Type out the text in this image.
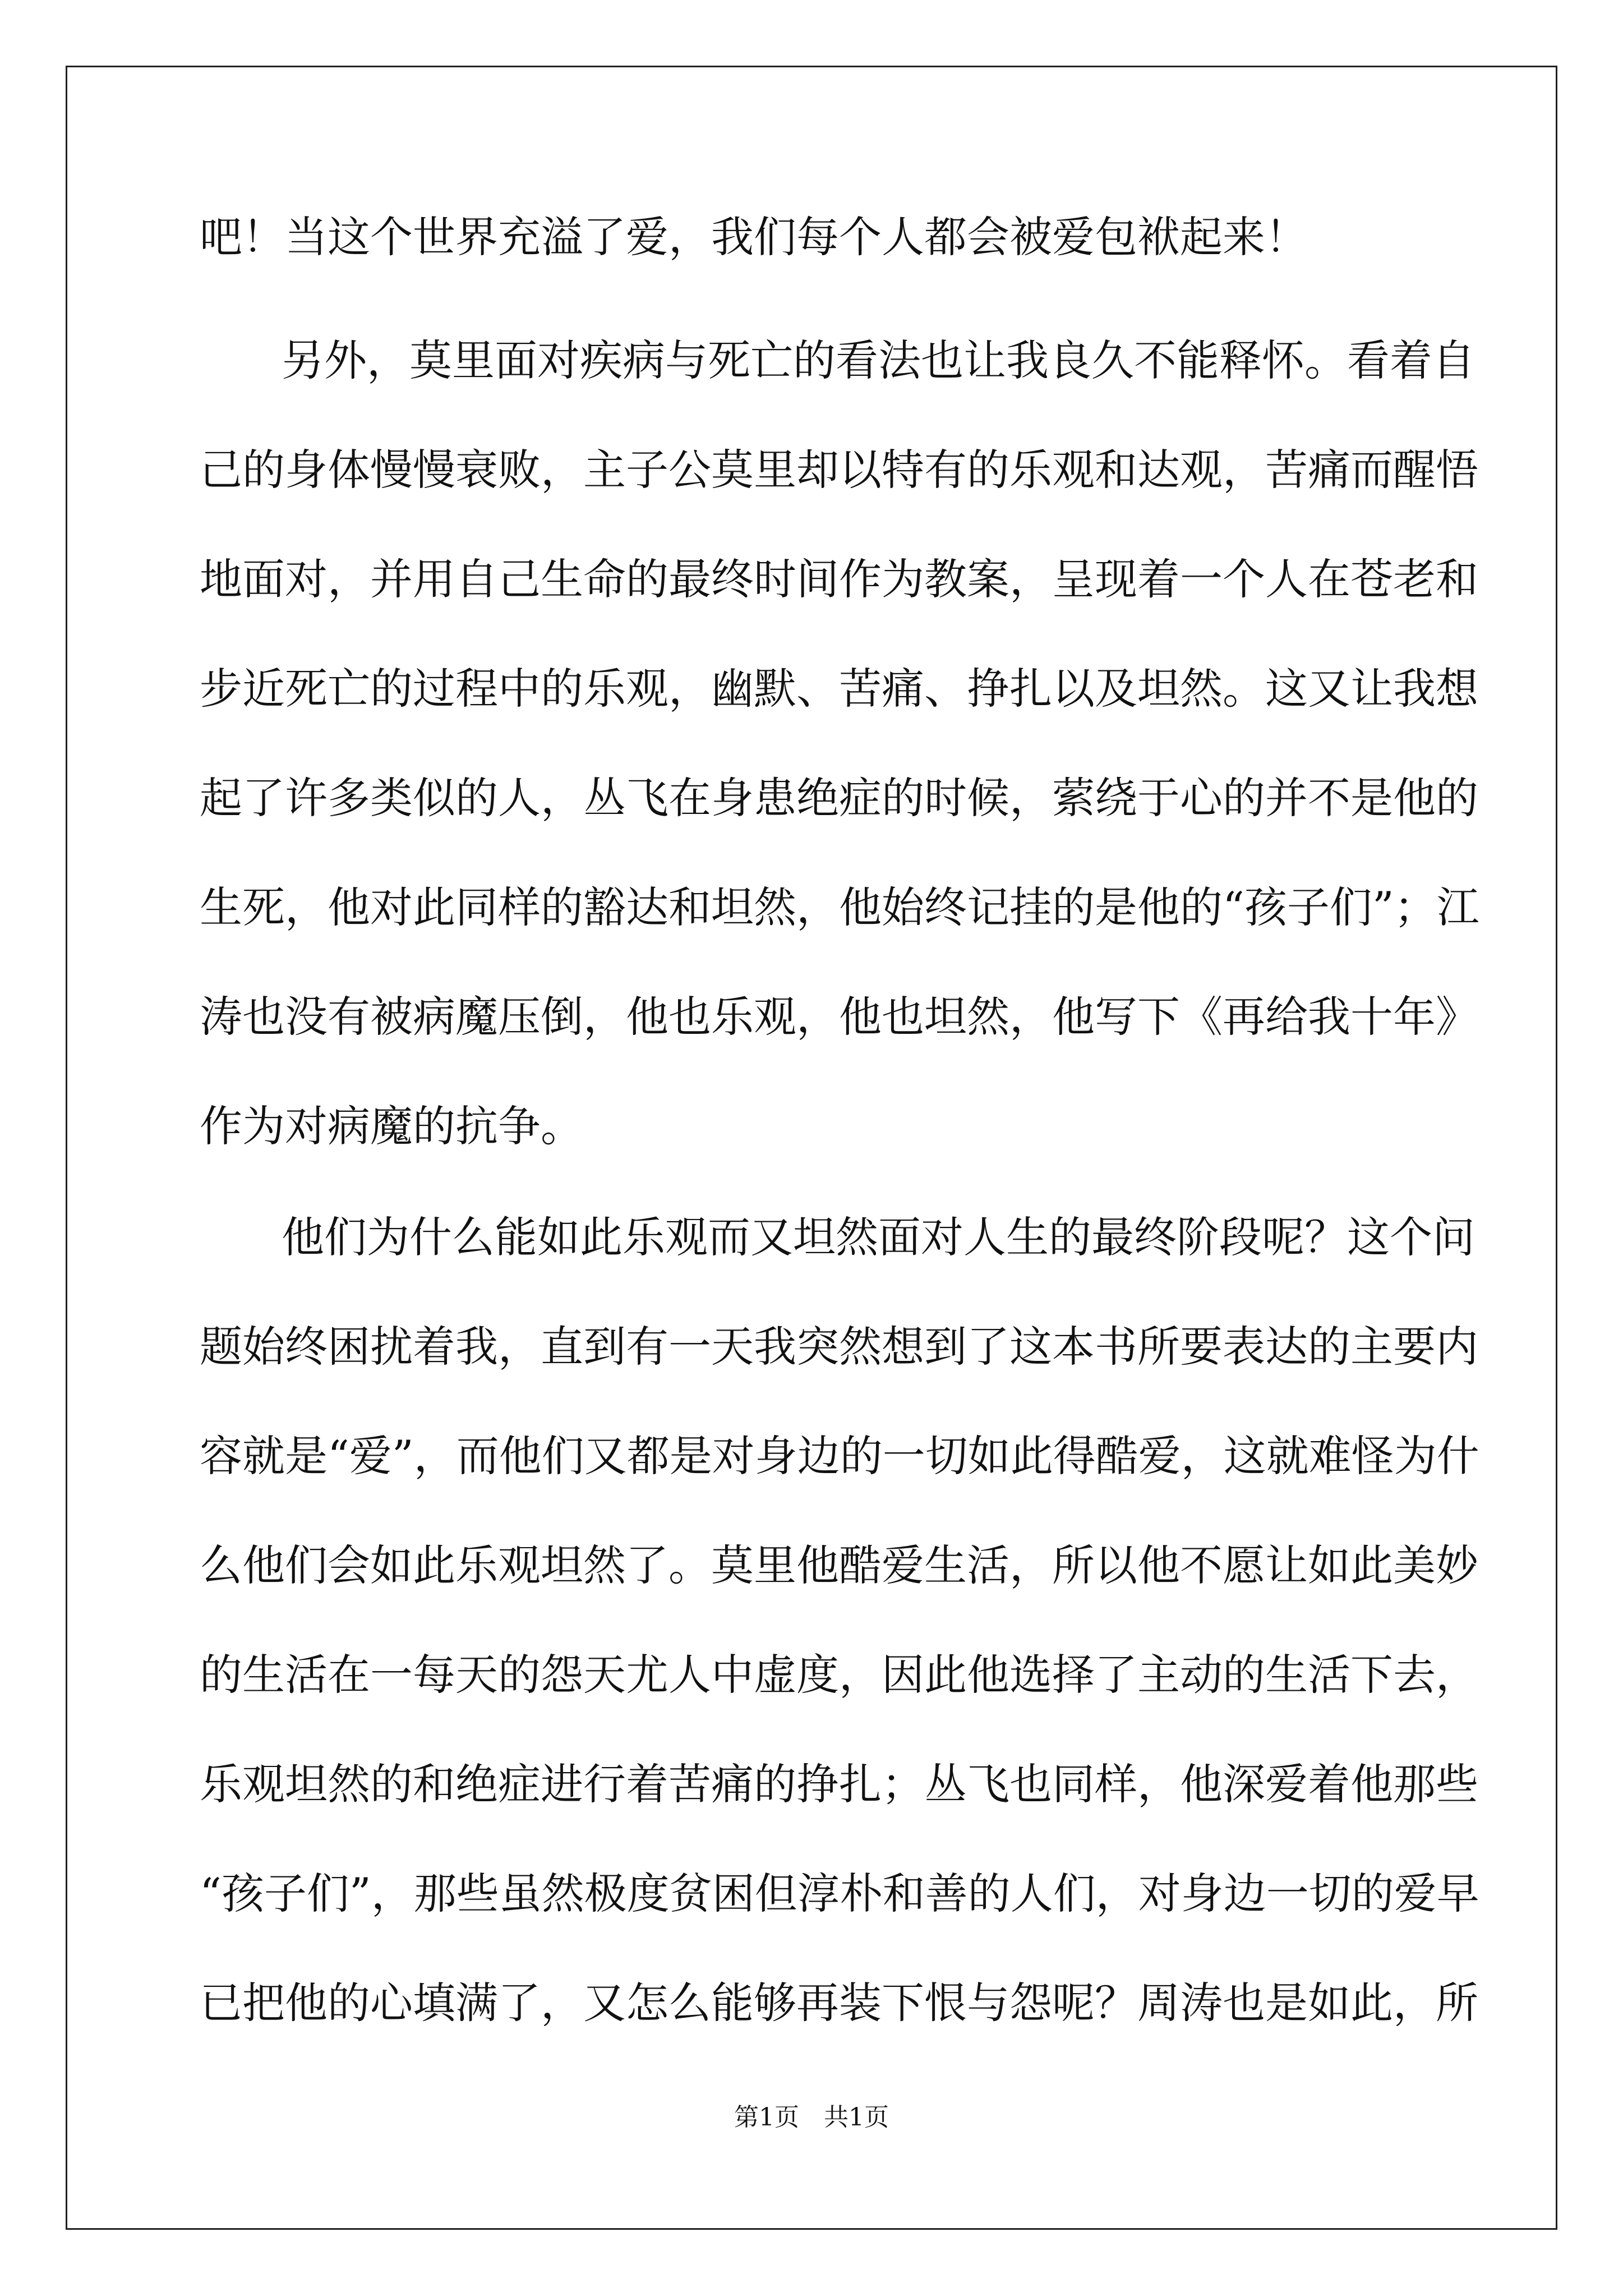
吧！当这个世界充溢了爱，我们每个人都会被爱包袱起来！
另外，莫里面对疾病与死亡的看法也让我良久不能释怀。看着自
己的身体慢慢衰败，主子公莫里却以特有的乐观和达观，苦痛而醒悟
地面对，并用自己生命的最终时间作为教案，呈现着一个人在苍老和
步近死亡的过程中的乐观，幽默、苦痛、挣扎以及坦然。这又让我想
起了许多类似的人，丛飞在身患绝症的时候，萦绕于心的并不是他的
生死，他对此同样的豁达和坦然，他始终记挂的是他的“孩子们”；江
涛也没有被病魔压倒，他也乐观，他也坦然，他写下《再给我十年》
作为对病魔的抗争。
他们为什么能如此乐观而又坦然面对人生的最终阶段呢？这个问
题始终困扰着我，直到有一天我突然想到了这本书所要表达的主要内
容就是“爱”，而他们又都是对身边的一切如此得酷爱，这就难怪为什
么他们会如此乐观坦然了。莫里他酷爱生活，所以他不愿让如此美妙
的生活在一每天的怨天尤人中虚度，因此他选择了主动的生活下去，
乐观坦然的和绝症进行着苦痛的挣扎；丛飞也同样，他深爱着他那些
“孩子们”，那些虽然极度贫困但淳朴和善的人们，对身边一切的爱早
已把他的心填满了，又怎么能够再装下恨与怨呢？周涛也是如此，所
第1页　共1页
